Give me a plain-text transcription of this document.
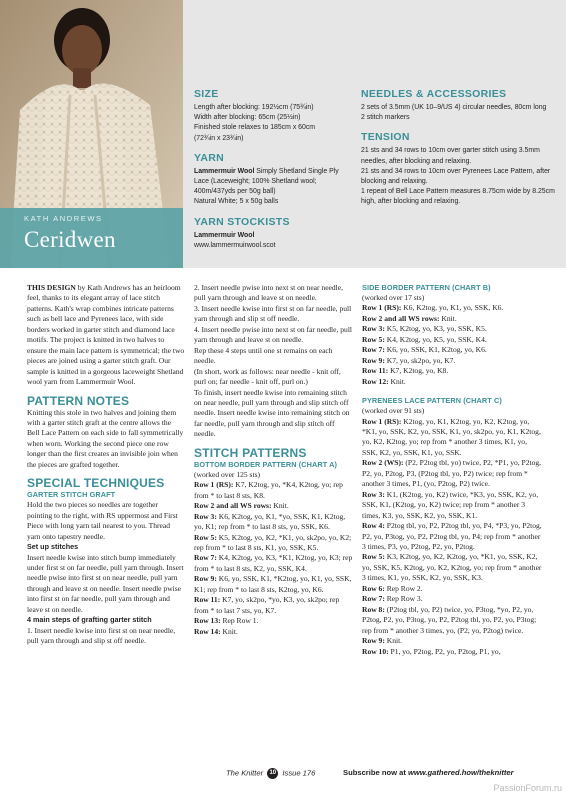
KATH ANDREWS
Ceridwen
SIZE
Length after blocking: 192½cm (75¾in)
Width after blocking: 65cm (25½in)
Finished stole relaxes to 185cm x 60cm
(72¾in x 23¾in)
YARN
Lammermuir Wool Simply Shetland Single Ply Lace (Laceweight; 100% Shetland wool; 400m/437yds per 50g ball)
Natural White; 5 x 50g balls
YARN STOCKISTS
Lammermuir Wool
www.lammermuirwool.scot
NEEDLES & ACCESSORIES
2 sets of 3.5mm (UK 10–9/US 4) circular needles, 80cm long
2 stitch markers
TENSION
21 sts and 34 rows to 10cm over garter stitch using 3.5mm needles, after blocking and relaxing.
21 sts and 34 rows to 10cm over Pyrenees Lace Pattern, after blocking and relaxing.
1 repeat of Bell Lace Pattern measures 8.75cm wide by 8.25cm high, after blocking and relaxing.
THIS DESIGN by Kath Andrews has an heirloom feel, thanks to its elegant array of lace stitch patterns. Kath's wrap combines intricate patterns such as bell lace and Pyrenees lace, with side borders worked in garter stitch and diamond lace motifs. The project is knitted in two halves to ensure the main lace pattern is symmetrical; the two pieces are joined using a garter stitch graft. Our sample is knitted in a gorgeous laceweight Shetland wool yarn from Lammermuir Wool.
PATTERN NOTES
Knitting this stole in two halves and joining them with a garter stitch graft at the centre allows the Bell Lace Pattern on each side to fall symmetrically when worn. Working the second piece one row longer than the first creates an invisible join when the pieces are grafted together.
SPECIAL TECHNIQUES
GARTER STITCH GRAFT
Hold the two pieces so needles are together pointing to the right, with RS uppermost and First Piece with long yarn tail nearest to you. Thread yarn onto tapestry needle.
Set up stitches
Insert needle kwise into stitch bump immediately under first st on far needle, pull yarn through. Insert needle pwise into first st on near needle, pull yarn through and leave st on needle. Insert needle pwise into first st on far needle, pull yarn through and leave st on needle.
4 main steps of grafting garter stitch
1. Insert needle kwise into first st on near needle, pull yarn through and slip st off needle.
2. Insert needle pwise into next st on near needle, pull yarn through and leave st on needle.
3. Insert needle kwise into first st on far needle, pull yarn through and slip st off needle.
4. Insert needle pwise into next st on far needle, pull yarn through and leave st on needle.
Rep these 4 steps until one st remains on each needle.
(In short, work as follows: near needle - knit off, purl on; far needle - knit off, purl on.)
To finish, insert needle kwise into remaining stitch on near needle, pull yarn through and slip stitch off needle. Insert needle kwise into remaining stitch on far needle, pull yarn through and slip stitch off needle.
STITCH PATTERNS
BOTTOM BORDER PATTERN (CHART A)
(worked over 125 sts)
Row 1 (RS): K7, K2tog, yo, *K4, K2tog, yo; rep from * to last 8 sts, K8.
Row 2 and all WS rows: Knit.
Row 3: K6, K2tog, yo, K1, *yo, SSK, K1, K2tog, yo, K1; rep from * to last 8 sts, yo, SSK, K6.
Row 5: K5, K2tog, yo, K2, *K1, yo, sk2po, yo, K2; rep from * to last 8 sts, K1, yo, SSK, K5.
Row 7: K4, K2tog, yo, K3, *K1, K2tog, yo, K3; rep from * to last 8 sts, K2, yo, SSK, K4.
Row 9: K6, yo, SSK, K1, *K2tog, yo, K1, yo, SSK, K1; rep from * to last 8 sts, K2tog, yo, K6.
Row 11: K7, yo, sk2po, *yo, K3, yo, sk2po; rep from * to last 7 sts, yo, K7.
Row 13: Rep Row 1.
Row 14: Knit.
SIDE BORDER PATTERN (CHART B)
(worked over 17 sts)
Row 1 (RS): K6, K2tog, yo, K1, yo, SSK, K6.
Row 2 and all WS rows: Knit.
Row 3: K5, K2tog, yo, K3, yo, SSK, K5.
Row 5: K4, K2tog, yo, K5, yo, SSK, K4.
Row 7: K6, yo, SSK, K1, K2tog, yo, K6.
Row 9: K7, yo, sk2po, yo, K7.
Row 11: K7, K2tog, yo, K8.
Row 12: Knit.
PYRENEES LACE PATTERN (CHART C)
(worked over 91 sts)
Row 1 (RS): K2tog, yo, K1, K2tog, yo, K2, K2tog, yo, *K1, yo, SSK, K2, yo, SSK, K1, yo, sk2po, yo, K1, K2tog, yo, K2, K2tog, yo; rep from * another 3 times, K1, yo, SSK, K2, yo, SSK, K1, yo, SSK.
Row 2 (WS): (P2, P2tog tbl, yo) twice, P2, *P1, yo, P2tog, P2, yo, P2tog, P3, (P2tog tbl, yo, P2) twice; rep from * another 3 times, P1, (yo, P2tog, P2) twice.
Row 3: K1, (K2tog, yo, K2) twice, *K3, yo, SSK, K2, yo, SSK, K1, (K2tog, yo, K2) twice; rep from * another 3 times, K3, yo, SSK, K2, yo, SSK, K1.
Row 4: P2tog tbl, yo, P2, P2tog tbl, yo, P4, *P3, yo, P2tog, P2, yo, P3tog, yo, P2, P2tog tbl, yo, P4; rep from * another 3 times, P3, yo, P2tog, P2, yo, P2tog.
Row 5: K3, K2tog, yo, K2, K2tog, yo, *K1, yo, SSK, K2, yo, SSK, K5, K2tog, yo, K2, K2tog, yo; rep from * another 3 times, K1, yo, SSK, K2, yo, SSK, K3.
Row 6: Rep Row 2.
Row 7: Rep Row 3.
Row 8: (P2tog tbl, yo, P2) twice, yo, P3tog, *yo, P2, yo, P2tog, P2, yo, P3tog, yo, P2, P2tog tbl, yo, P2, yo, P3tog; rep from * another 3 times, yo, (P2, yo, P2tog) twice.
Row 9: Knit.
Row 10: P1, yo, P2tog, P2, yo, P2tog, P1, yo,
The Knitter 10 Issue 176	Subscribe now at www.gathered.how/theknitter
PassionForum.ru
